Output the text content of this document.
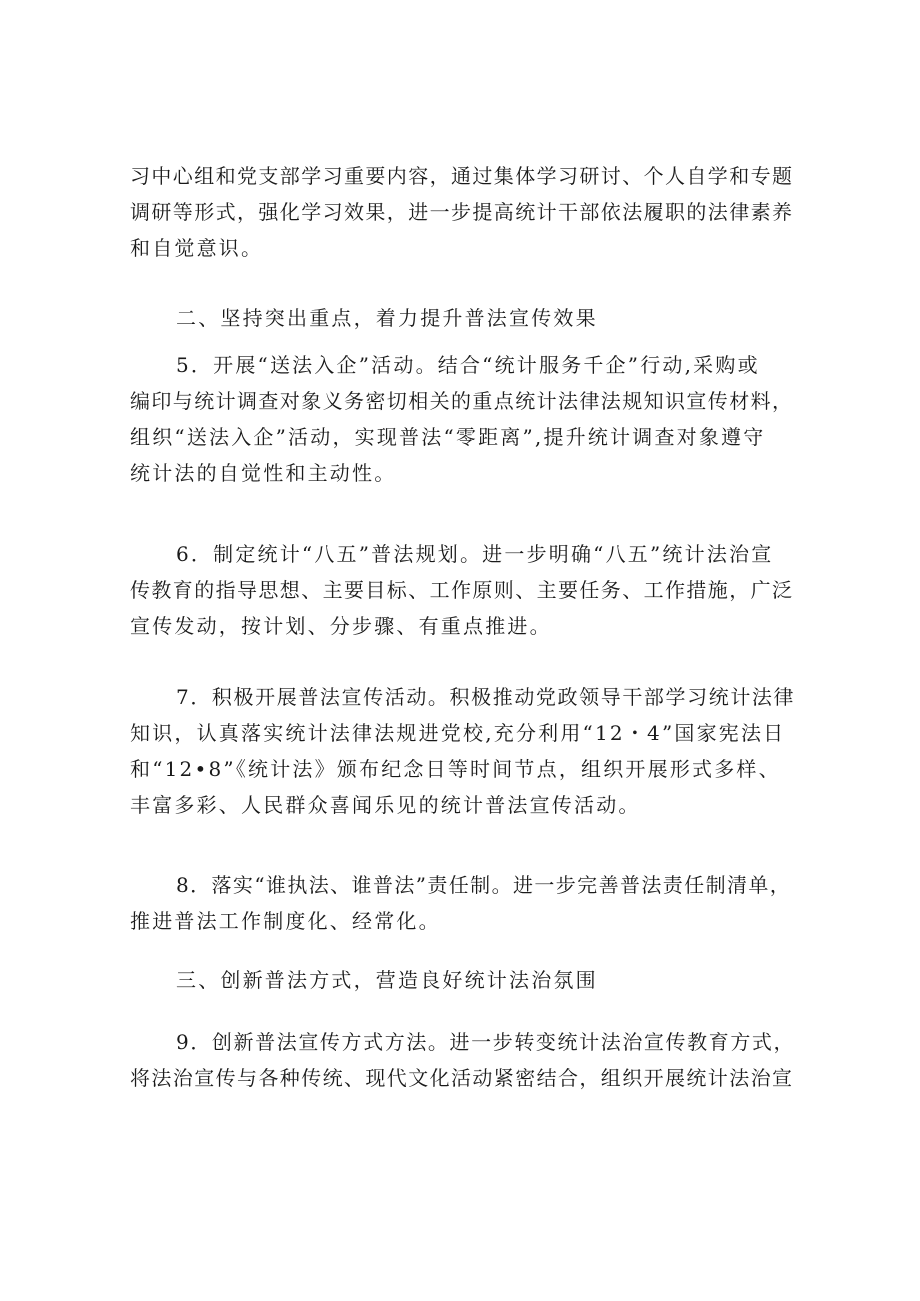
习中心组和党支部学习重要内容，通过集体学习研讨、个人自学和专题
调研等形式，强化学习效果，进一步提高统计干部依法履职的法律素养
和自觉意识。
二、坚持突出重点，着力提升普法宣传效果
5．开展“送法入企”活动。结合“统计服务千企”行动,采购或
编印与统计调查对象义务密切相关的重点统计法律法规知识宣传材料，
组织“送法入企”活动，实现普法“零距离”,提升统计调查对象遵守
统计法的自觉性和主动性。
6．制定统计“八五”普法规划。进一步明确“八五”统计法治宣
传教育的指导思想、主要目标、工作原则、主要任务、工作措施，广泛
宣传发动，按计划、分步骤、有重点推进。
7．积极开展普法宣传活动。积极推动党政领导干部学习统计法律
知识，认真落实统计法律法规进党校,充分利用“12・4”国家宪法日
和“12•8”《统计法》颁布纪念日等时间节点，组织开展形式多样、
丰富多彩、人民群众喜闻乐见的统计普法宣传活动。
8．落实“谁执法、谁普法”责任制。进一步完善普法责任制清单，
推进普法工作制度化、经常化。
三、创新普法方式，营造良好统计法治氛围
9．创新普法宣传方式方法。进一步转变统计法治宣传教育方式，
将法治宣传与各种传统、现代文化活动紧密结合，组织开展统计法治宣
